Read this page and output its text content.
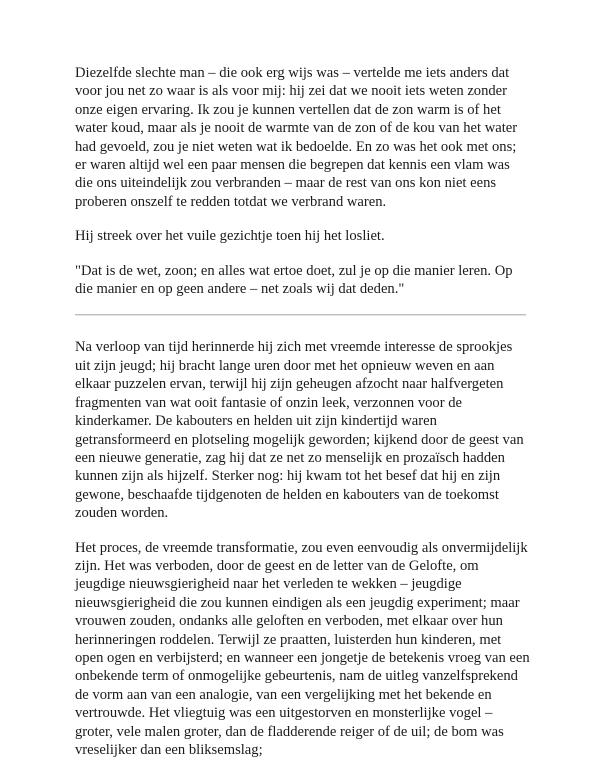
Diezelfde slechte man – die ook erg wijs was – vertelde me iets anders dat voor jou net zo waar is als voor mij: hij zei dat we nooit iets weten zonder onze eigen ervaring. Ik zou je kunnen vertellen dat de zon warm is of het water koud, maar als je nooit de warmte van de zon of de kou van het water had gevoeld, zou je niet weten wat ik bedoelde. En zo was het ook met ons; er waren altijd wel een paar mensen die begrepen dat kennis een vlam was die ons uiteindelijk zou verbranden – maar de rest van ons kon niet eens proberen onszelf te redden totdat we verbrand waren.

Hij streek over het vuile gezichtje toen hij het losliet.

"Dat is de wet, zoon; en alles wat ertoe doet, zul je op die manier leren. Op die manier en op geen andere – net zoals wij dat deden."

Na verloop van tijd herinnerde hij zich met vreemde interesse de sprookjes uit zijn jeugd; hij bracht lange uren door met het opnieuw weven en aan elkaar puzzelen ervan, terwijl hij zijn geheugen afzocht naar halfvergeten fragmenten van wat ooit fantasie of onzin leek, verzonnen voor de kinderkamer. De kabouters en helden uit zijn kindertijd waren getransformeerd en plotseling mogelijk geworden; kijkend door de geest van een nieuwe generatie, zag hij dat ze net zo menselijk en prozaïsch hadden kunnen zijn als hijzelf. Sterker nog: hij kwam tot het besef dat hij en zijn gewone, beschaafde tijdgenoten de helden en kabouters van de toekomst zouden worden.

Het proces, de vreemde transformatie, zou even eenvoudig als onvermijdelijk zijn. Het was verboden, door de geest en de letter van de Gelofte, om jeugdige nieuwsgierigheid naar het verleden te wekken – jeugdige nieuwsgierigheid die zou kunnen eindigen als een jeugdig experiment; maar vrouwen zouden, ondanks alle geloften en verboden, met elkaar over hun herinneringen roddelen. Terwijl ze praatten, luisterden hun kinderen, met open ogen en verbijsterd; en wanneer een jongetje de betekenis vroeg van een onbekende term of onmogelijke gebeurtenis, nam de uitleg vanzelfsprekend de vorm aan van een analogie, van een vergelijking met het bekende en vertrouwde. Het vliegtuig was een uitgestorven en monsterlijke vogel – groter, vele malen groter, dan de fladderende reiger of de uil; de bom was vreselijker dan een bliksemslag;
